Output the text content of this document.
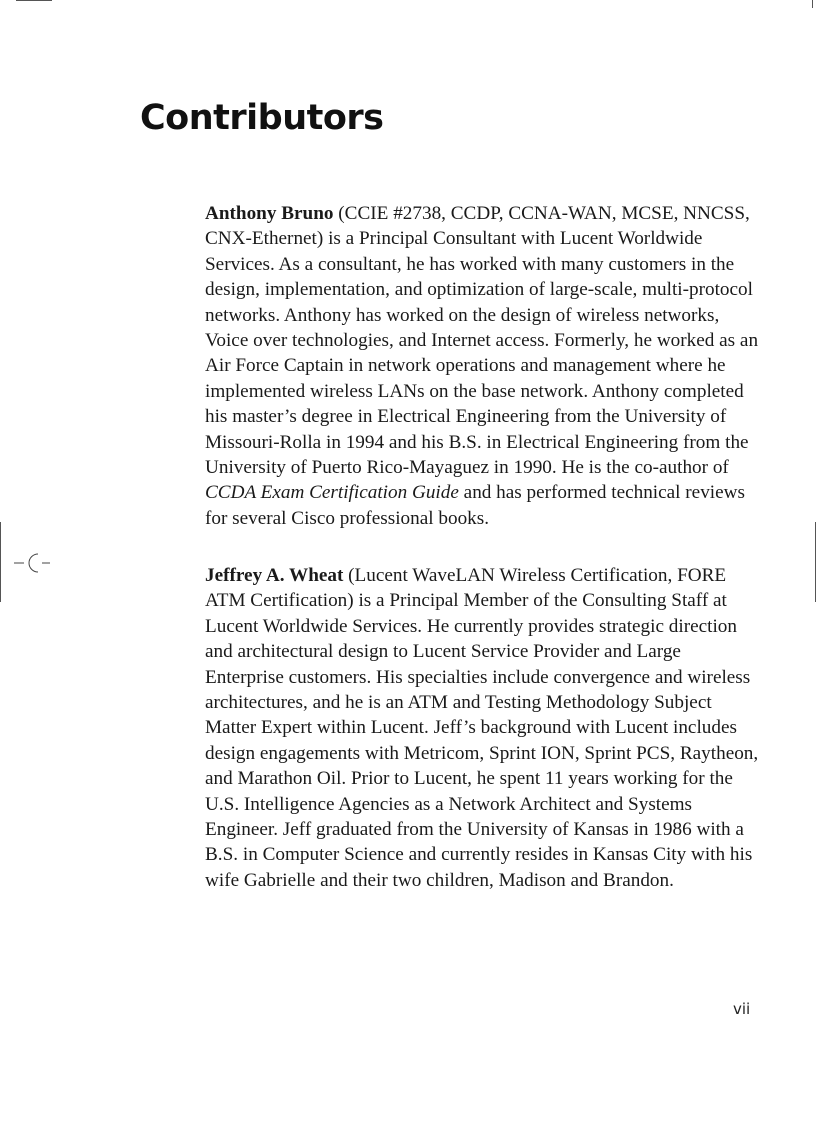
Contributors

Anthony Bruno (CCIE #2738, CCDP, CCNA-WAN, MCSE, NNCSS, CNX-Ethernet) is a Principal Consultant with Lucent Worldwide Services. As a consultant, he has worked with many customers in the design, implementation, and optimization of large-scale, multi-protocol networks. Anthony has worked on the design of wireless networks, Voice over technologies, and Internet access. Formerly, he worked as an Air Force Captain in network operations and management where he implemented wireless LANs on the base network. Anthony completed his master’s degree in Electrical Engineering from the University of Missouri-Rolla in 1994 and his B.S. in Electrical Engineering from the University of Puerto Rico-Mayaguez in 1990. He is the co-author of CCDA Exam Certification Guide and has performed technical reviews for several Cisco professional books.

Jeffrey A. Wheat (Lucent WaveLAN Wireless Certification, FORE ATM Certification) is a Principal Member of the Consulting Staff at Lucent Worldwide Services. He currently provides strategic direction and architectural design to Lucent Service Provider and Large Enterprise customers. His specialties include convergence and wireless architectures, and he is an ATM and Testing Methodology Subject Matter Expert within Lucent. Jeff’s background with Lucent includes design engagements with Metricom, Sprint ION, Sprint PCS, Raytheon, and Marathon Oil. Prior to Lucent, he spent 11 years working for the U.S. Intelligence Agencies as a Network Architect and Systems Engineer. Jeff graduated from the University of Kansas in 1986 with a B.S. in Computer Science and currently resides in Kansas City with his wife Gabrielle and their two children, Madison and Brandon.

vii
